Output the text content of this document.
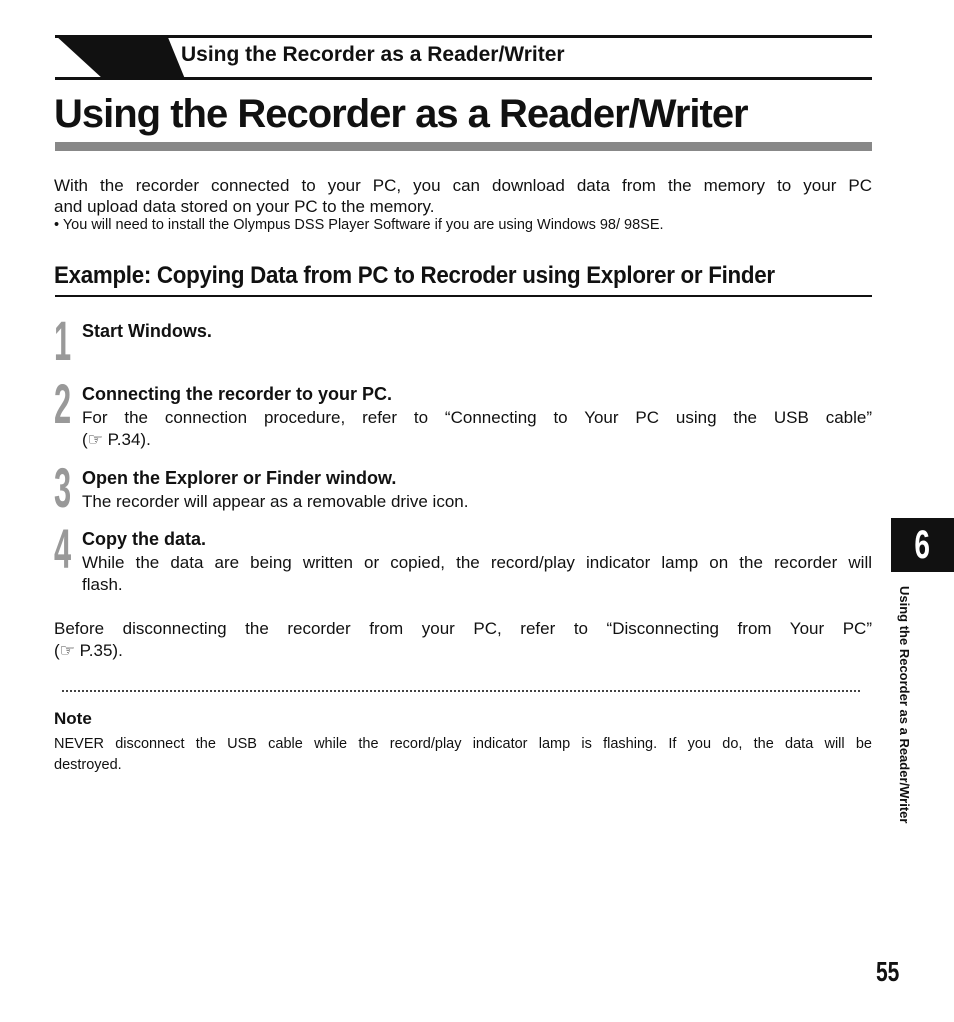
Using the Recorder as a Reader/Writer
Using the Recorder as a Reader/Writer
With the recorder connected to your PC, you can download data from the memory to your PC
and upload data stored on your PC to the memory.
• You will need to install the Olympus DSS Player Software if you are using Windows 98/ 98SE.
Example: Copying Data from PC to Recroder using Explorer or Finder
1 Start Windows.
2 Connecting the recorder to your PC.
For the connection procedure, refer to “Connecting to Your PC using the USB cable”
(☞ P.34).
3 Open the Explorer or Finder window.
The recorder will appear as a removable drive icon.
4 Copy the data.
While the data are being written or copied, the record/play indicator lamp on the recorder will
flash.
Before disconnecting the recorder from your PC, refer to “Disconnecting from Your PC”
(☞ P.35).
Note
NEVER disconnect the USB cable while the record/play indicator lamp is flashing. If you do, the data will be
destroyed.
6
Using the Recorder as a Reader/Writer
55
